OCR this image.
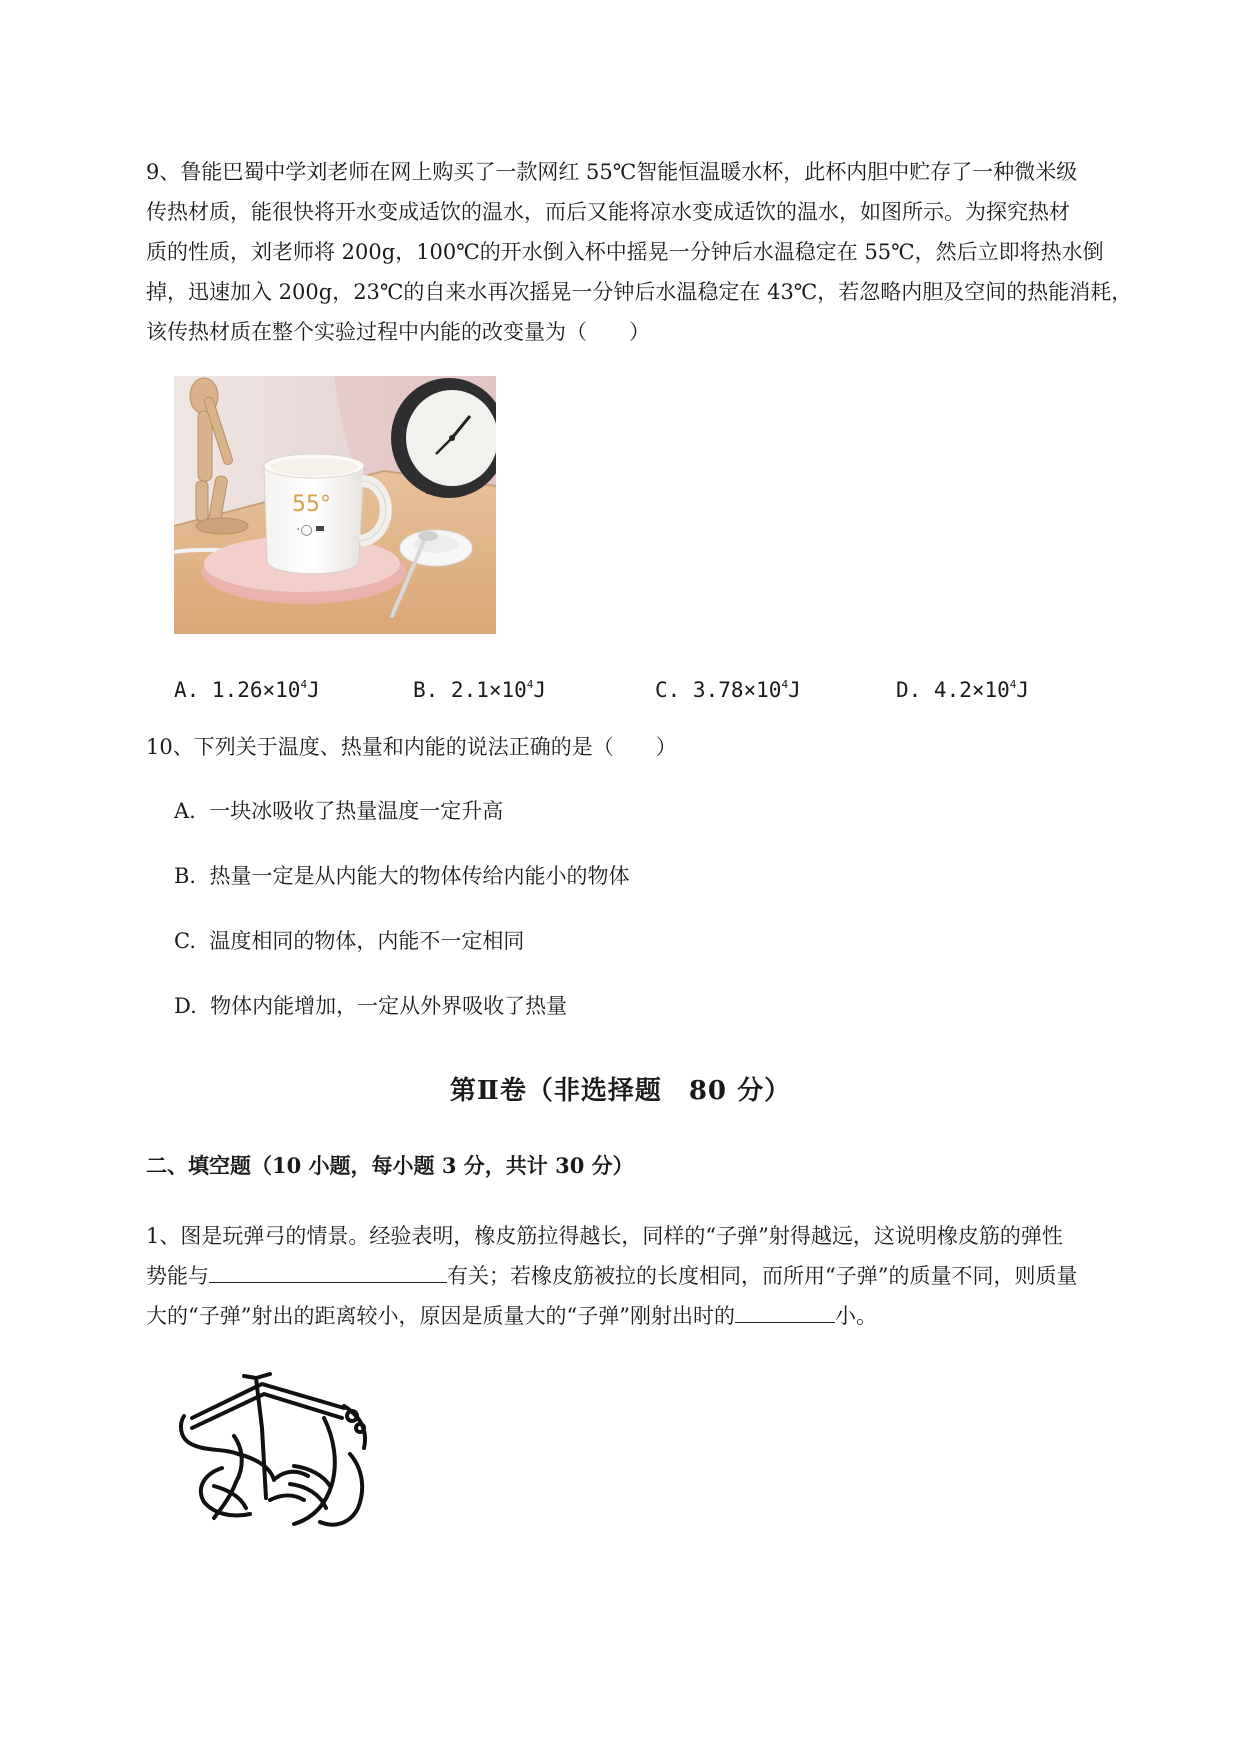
9、鲁能巴蜀中学刘老师在网上购买了一款网红 55℃智能恒温暖水杯，此杯内胆中贮存了一种微米级
传热材质，能很快将开水变成适饮的温水，而后又能将凉水变成适饮的温水，如图所示。为探究热材
质的性质，刘老师将 200g，100℃的开水倒入杯中摇晃一分钟后水温稳定在 55℃，然后立即将热水倒
掉，迅速加入 200g，23℃的自来水再次摇晃一分钟后水温稳定在 43℃，若忽略内胆及空间的热能消耗，
该传热材质在整个实验过程中内能的改变量为（　　）
55°
·○
A. $1.26\times 10^4J$	B. $2.1\times 10^4J$	C. $3.78\times 10^4J$	D. $4.2\times 10^4J$
10、下列关于温度、热量和内能的说法正确的是（　　）
A. 一块冰吸收了热量温度一定升高
B. 热量一定是从内能大的物体传给内能小的物体
C. 温度相同的物体，内能不一定相同
D. 物体内能增加，一定从外界吸收了热量
第Ⅱ卷（非选择题　80 分）
二、填空题（10 小题，每小题 3 分，共计 30 分）
1、图是玩弹弓的情景。经验表明，橡皮筋拉得越长，同样的“子弹”射得越远，这说明橡皮筋的弹性
势能与	有关；若橡皮筋被拉的长度相同，而所用“子弹”的质量不同，则质量
大的“子弹”射出的距离较小，原因是质量大的“子弹”刚射出时的	小。
